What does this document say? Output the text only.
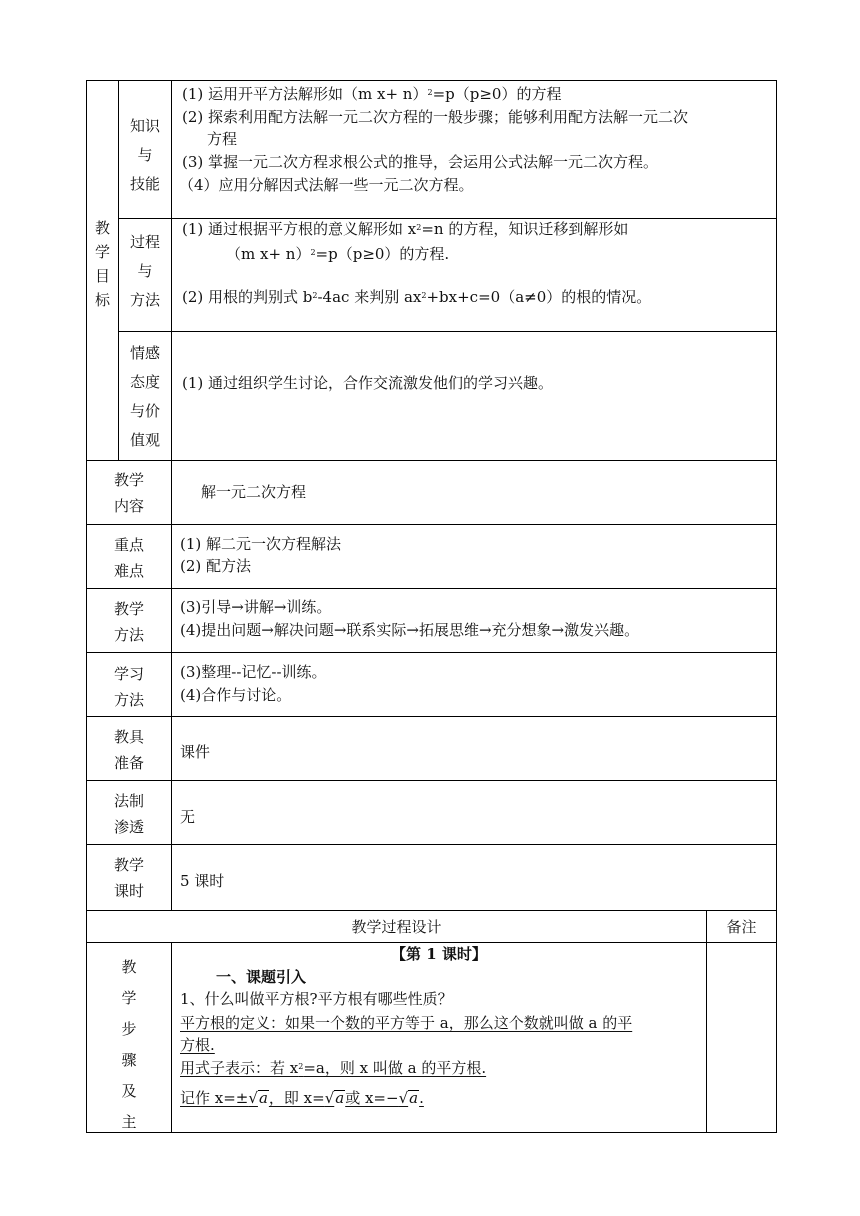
教
学
目
标
知识
与
技能
(1) 运用开平方法解形如（m x+ n）$^2$=p（p≥0）的方程
(2) 探索利用配方法解一元二次方程的一般步骤；能够利用配方法解一元二次
方程
(3) 掌握一元二次方程求根公式的推导，会运用公式法解一元二次方程。
（4）应用分解因式法解一些一元二次方程。
过程
与
方法
(1) 通过根据平方根的意义解形如 $x^2=n$ 的方程，知识迁移到解形如
（m x+ n）$^2$=p（p≥0）的方程.
(2) 用根的判别式 $b^2-4ac$ 来判别 $ax^2+bx+c=0(a\ne 0)$的根的情况。
情感
态度
与价
值观
(1) 通过组织学生讨论，合作交流激发他们的学习兴趣。
教学
内容
解一元二次方程
重点
难点
(1) 解二元一次方程解法
(2) 配方法
教学
方法
(3)引导→讲解→训练。
(4)提出问题→解决问题→联系实际→拓展思维→充分想象→激发兴趣。
学习
方法
(3)整理--记忆--训练。
(4)合作与讨论。
教具
准备
课件
法制
渗透
无
教学
课时
5 课时
教学过程设计	备注
教
学
步
骤
及
主
【第 1 课时】
一、课题引入
1、什么叫做平方根?平方根有哪些性质？
平方根的定义：如果一个数的平方等于 a，那么这个数就叫做 a 的平
方根.
用式子表示：若 $x^2=a$，则 x 叫做 a 的平方根.
记作 x=±√a，即 x=√a或 x=−√a.
